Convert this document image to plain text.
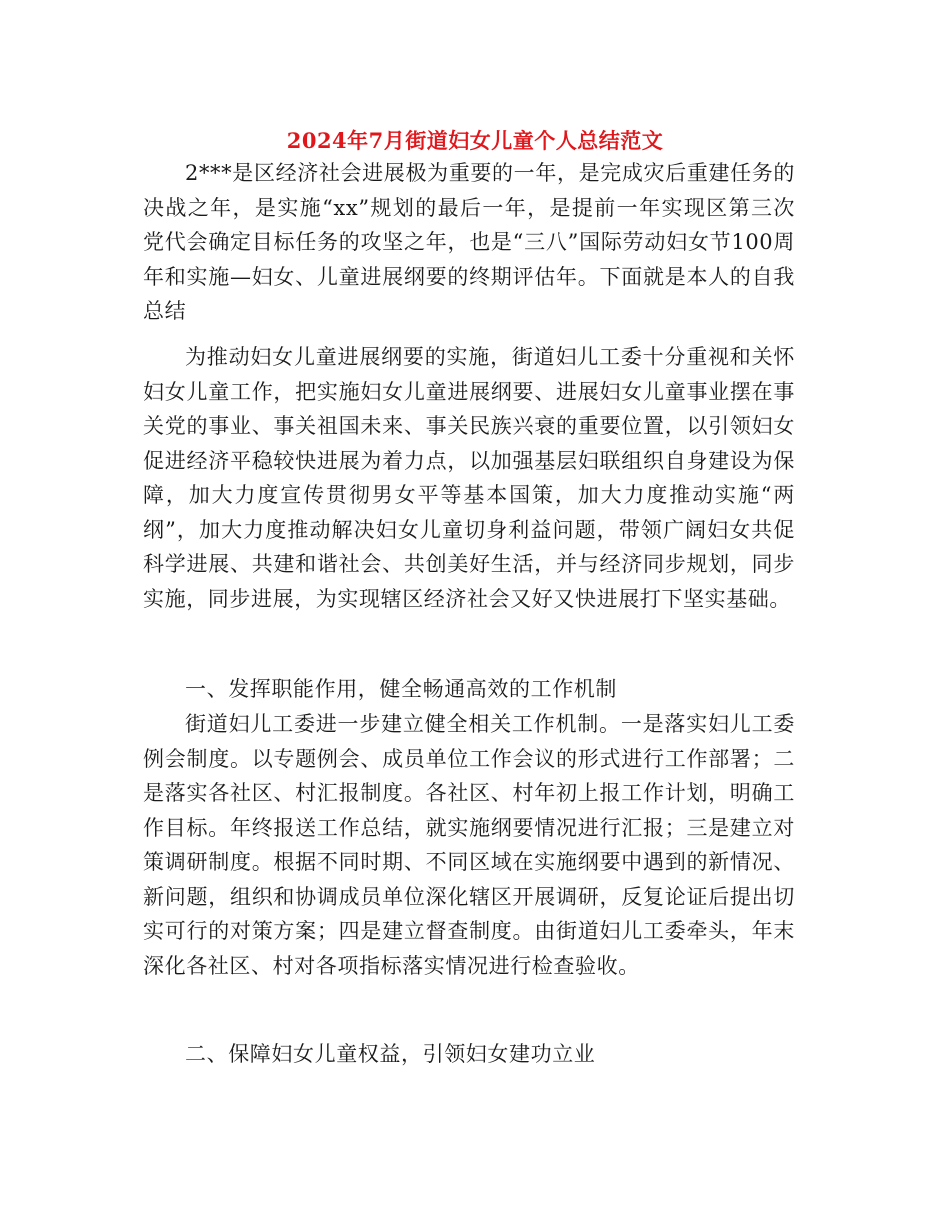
2024年7月街道妇女儿童个人总结范文

2***是区经济社会进展极为重要的一年，是完成灾后重建任务的决战之年，是实施“xx”规划的最后一年，是提前一年实现区第三次党代会确定目标任务的攻坚之年，也是“三八”国际劳动妇女节100周年和实施—妇女、儿童进展纲要的终期评估年。下面就是本人的自我总结

为推动妇女儿童进展纲要的实施，街道妇儿工委十分重视和关怀妇女儿童工作，把实施妇女儿童进展纲要、进展妇女儿童事业摆在事关党的事业、事关祖国未来、事关民族兴衰的重要位置，以引领妇女促进经济平稳较快进展为着力点，以加强基层妇联组织自身建设为保障，加大力度宣传贯彻男女平等基本国策，加大力度推动实施“两纲”，加大力度推动解决妇女儿童切身利益问题，带领广阔妇女共促科学进展、共建和谐社会、共创美好生活，并与经济同步规划，同步实施，同步进展，为实现辖区经济社会又好又快进展打下坚实基础。

一、发挥职能作用，健全畅通高效的工作机制

街道妇儿工委进一步建立健全相关工作机制。一是落实妇儿工委例会制度。以专题例会、成员单位工作会议的形式进行工作部署；二是落实各社区、村汇报制度。各社区、村年初上报工作计划，明确工作目标。年终报送工作总结，就实施纲要情况进行汇报；三是建立对策调研制度。根据不同时期、不同区域在实施纲要中遇到的新情况、新问题，组织和协调成员单位深化辖区开展调研，反复论证后提出切实可行的对策方案；四是建立督查制度。由街道妇儿工委牵头，年末深化各社区、村对各项指标落实情况进行检查验收。

二、保障妇女儿童权益，引领妇女建功立业
